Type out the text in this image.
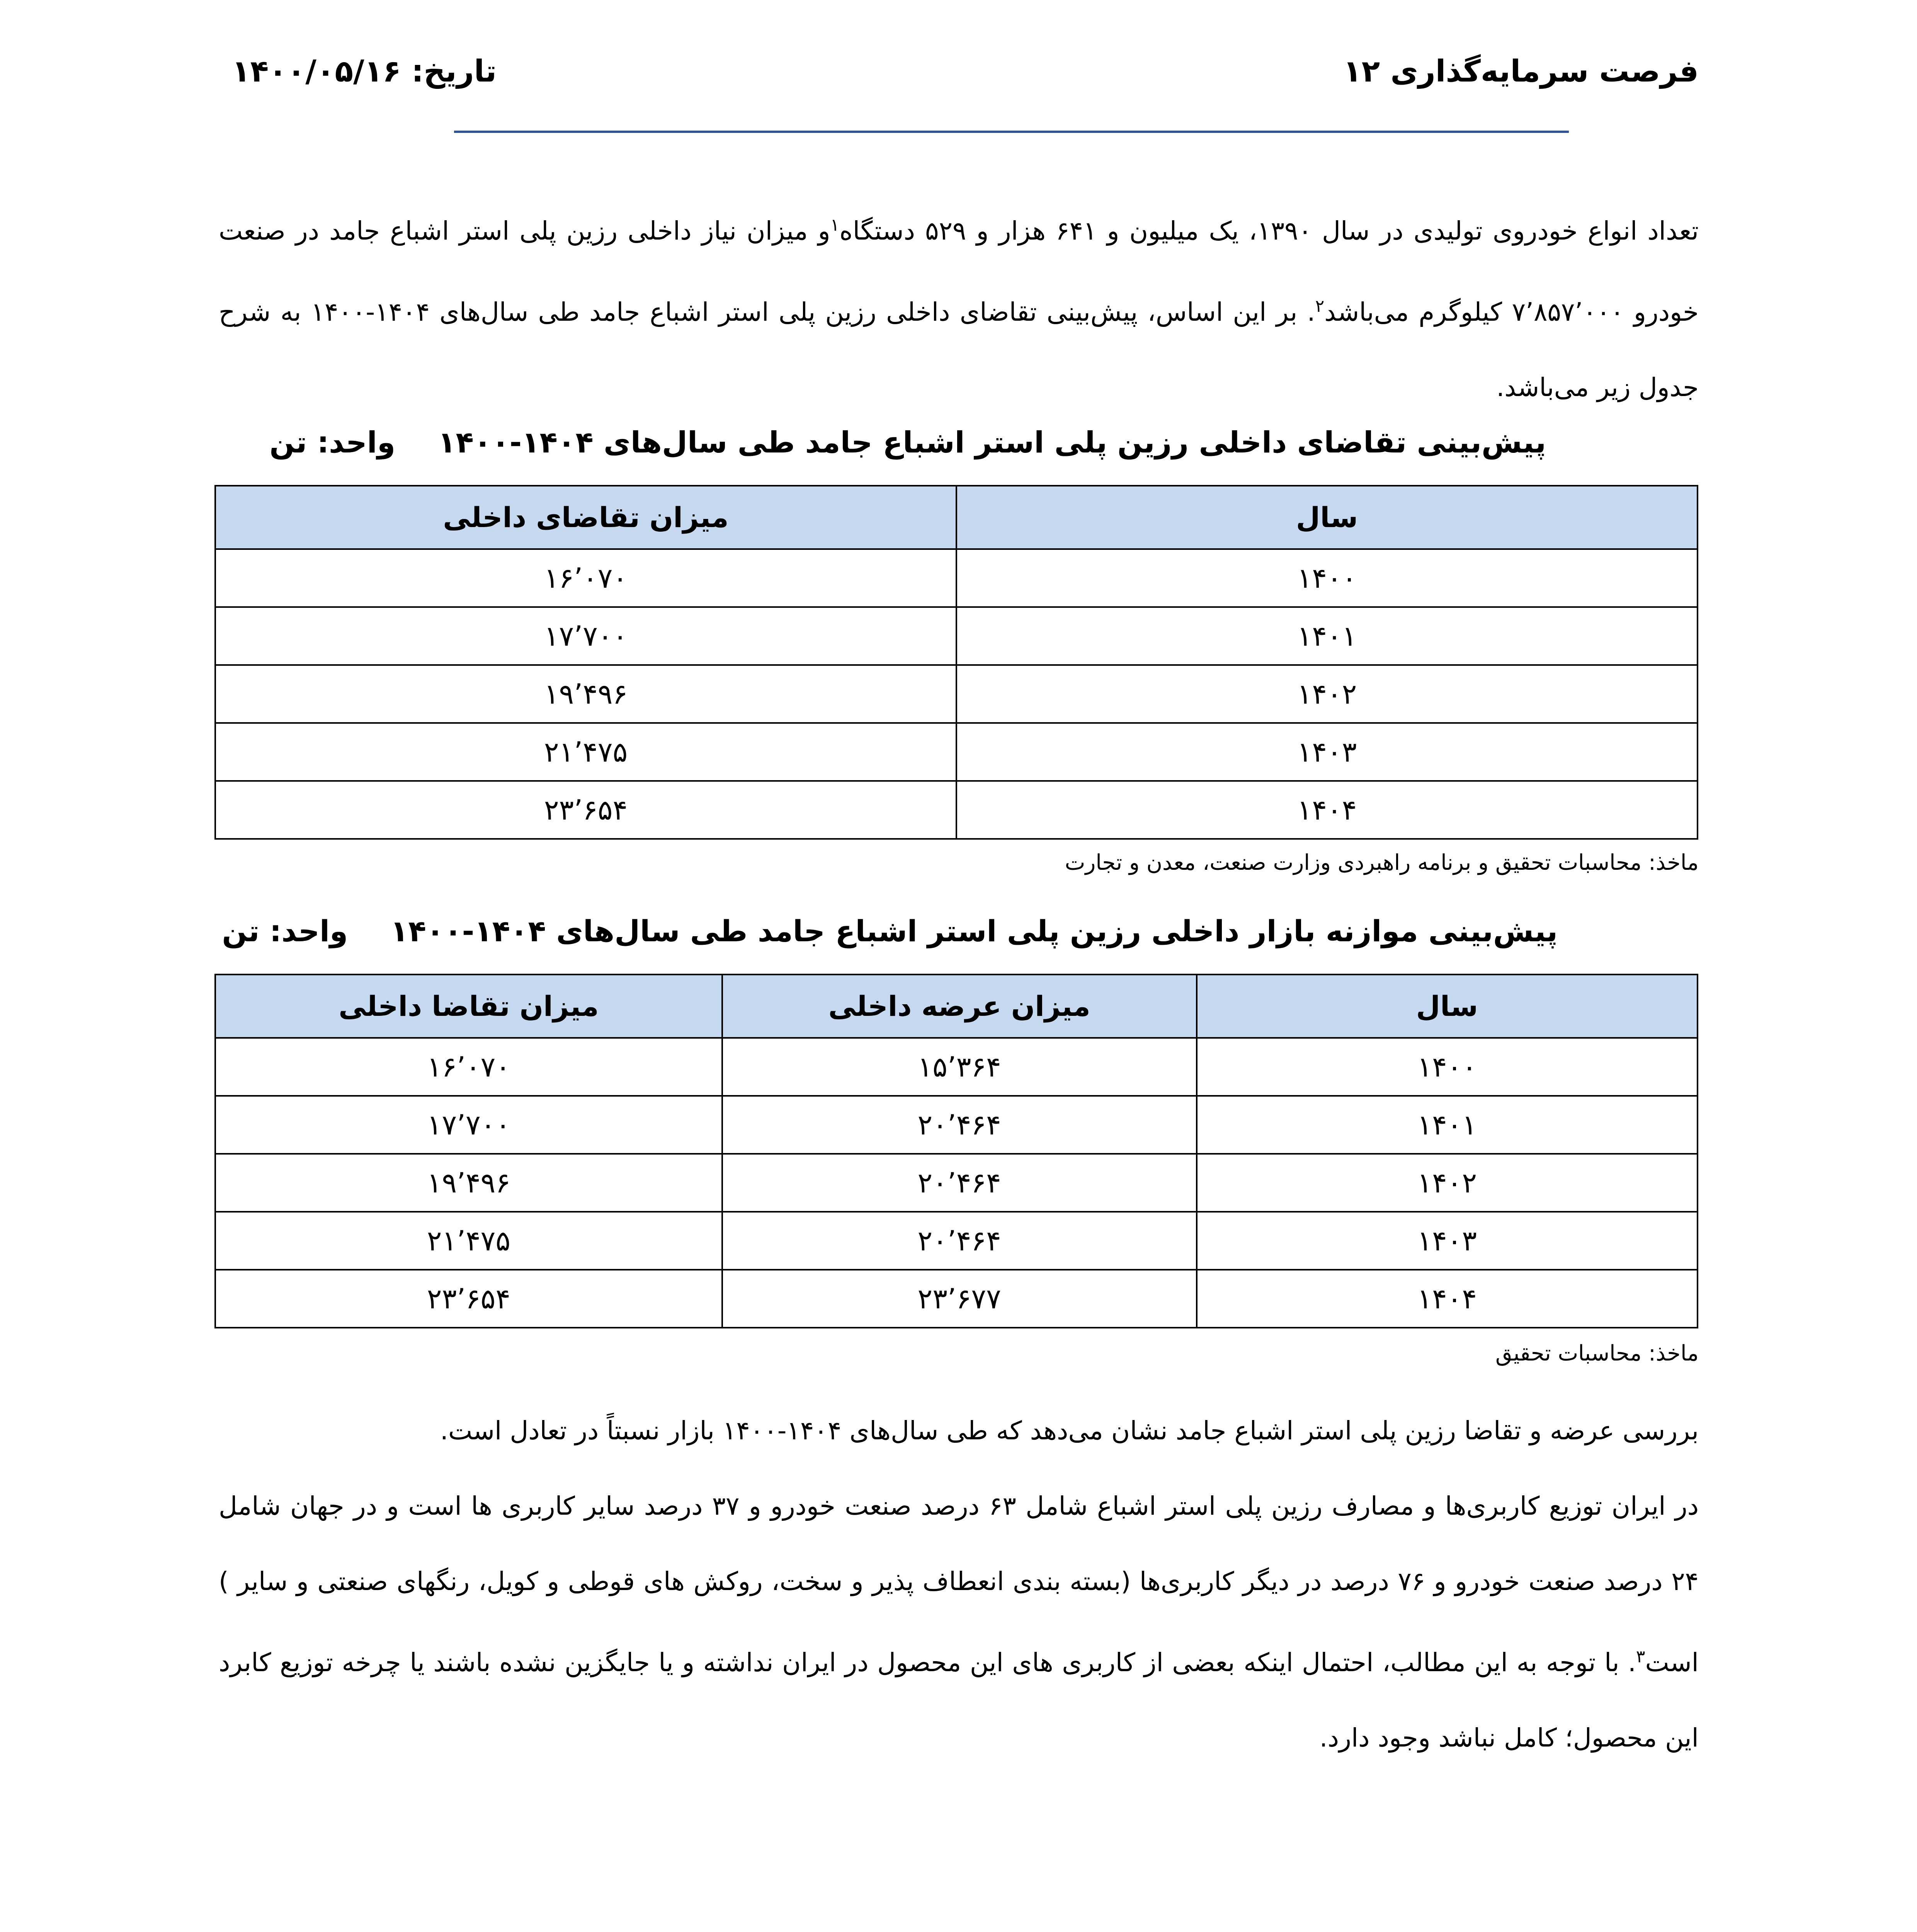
فرصت سرمایه‌گذاری ۱۲
تاریخ: ۱۴۰۰/۰۵/۱۶

تعداد انواع خودروی تولیدی در سال ۱۳۹۰، یک میلیون و ۶۴۱ هزار و ۵۲۹ دستگاه$^۱$و میزان نیاز داخلی رزین پلی استر اشباع جامد در صنعت خودرو ۷٬۸۵۷٬۰۰۰ کیلوگرم می‌باشد$^۲$. بر این اساس، پیش‌بینی تقاضای داخلی رزین پلی استر اشباع جامد طی سال‌های ۱۴۰۴-۱۴۰۰ به شرح جدول زیر می‌باشد.

پیش‌بینی تقاضای داخلی رزین پلی استر اشباع جامد طی سال‌های ۱۴۰۴-۱۴۰۰واحد: تن
سال	میزان تقاضای داخلی
۱۴۰۰	۱۶٬۰۷۰
۱۴۰۱	۱۷٬۷۰۰
۱۴۰۲	۱۹٬۴۹۶
۱۴۰۳	۲۱٬۴۷۵
۱۴۰۴	۲۳٬۶۵۴
ماخذ: محاسبات تحقیق و برنامه راهبردی وزارت صنعت، معدن و تجارت
پیش‌بینی موازنه بازار داخلی رزین پلی استر اشباع جامد طی سال‌های ۱۴۰۴-۱۴۰۰واحد: تن
سال	میزان عرضه داخلی	میزان تقاضا داخلی
۱۴۰۰	۱۵٬۳۶۴	۱۶٬۰۷۰
۱۴۰۱	۲۰٬۴۶۴	۱۷٬۷۰۰
۱۴۰۲	۲۰٬۴۶۴	۱۹٬۴۹۶
۱۴۰۳	۲۰٬۴۶۴	۲۱٬۴۷۵
۱۴۰۴	۲۳٬۶۷۷	۲۳٬۶۵۴
ماخذ: محاسبات تحقیق

بررسی عرضه و تقاضا رزین پلی استر اشباع جامد نشان می‌دهد که طی سال‌های ۱۴۰۴-۱۴۰۰ بازار نسبتاً در تعادل است.

در ایران توزیع کاربری‌ها و مصارف رزین پلی استر اشباع شامل ۶۳ درصد صنعت خودرو و ۳۷ درصد سایر کاربری ها است و در جهان شامل ۲۴ درصد صنعت خودرو و ۷۶ درصد در دیگر کاربری‌ها (بسته بندی انعطاف پذیر و سخت، روکش های قوطی و کویل، رنگهای صنعتی و سایر ) است$^۳$. با توجه به این مطالب، احتمال اینکه بعضی از کاربری های این محصول در ایران نداشته و یا جایگزین نشده باشند یا چرخه توزیع کابرد این محصول؛ کامل نباشد وجود دارد.
